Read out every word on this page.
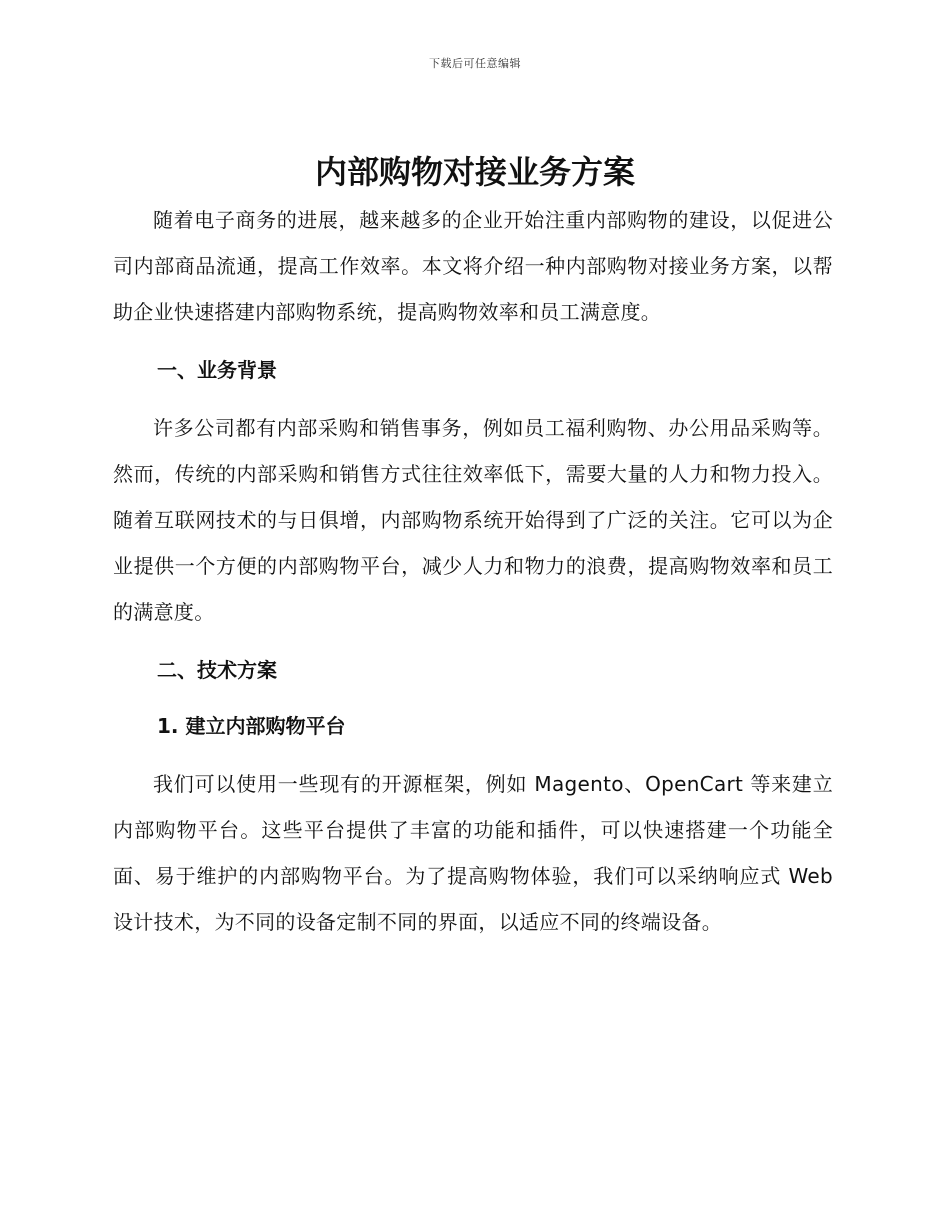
下载后可任意编辑
内部购物对接业务方案

随着电子商务的进展，越来越多的企业开始注重内部购物的建设，以促进公司内部商品流通，提高工作效率。本文将介绍一种内部购物对接业务方案，以帮助企业快速搭建内部购物系统，提高购物效率和员工满意度。

一、业务背景

许多公司都有内部采购和销售事务，例如员工福利购物、办公用品采购等。然而，传统的内部采购和销售方式往往效率低下，需要大量的人力和物力投入。随着互联网技术的与日俱增，内部购物系统开始得到了广泛的关注。它可以为企业提供一个方便的内部购物平台，减少人力和物力的浪费，提高购物效率和员工的满意度。

二、技术方案
1. 建立内部购物平台

我们可以使用一些现有的开源框架，例如 Magento、OpenCart 等来建立内部购物平台。这些平台提供了丰富的功能和插件，可以快速搭建一个功能全面、易于维护的内部购物平台。为了提高购物体验，我们可以采纳响应式 Web 设计技术，为不同的设备定制不同的界面，以适应不同的终端设备。
